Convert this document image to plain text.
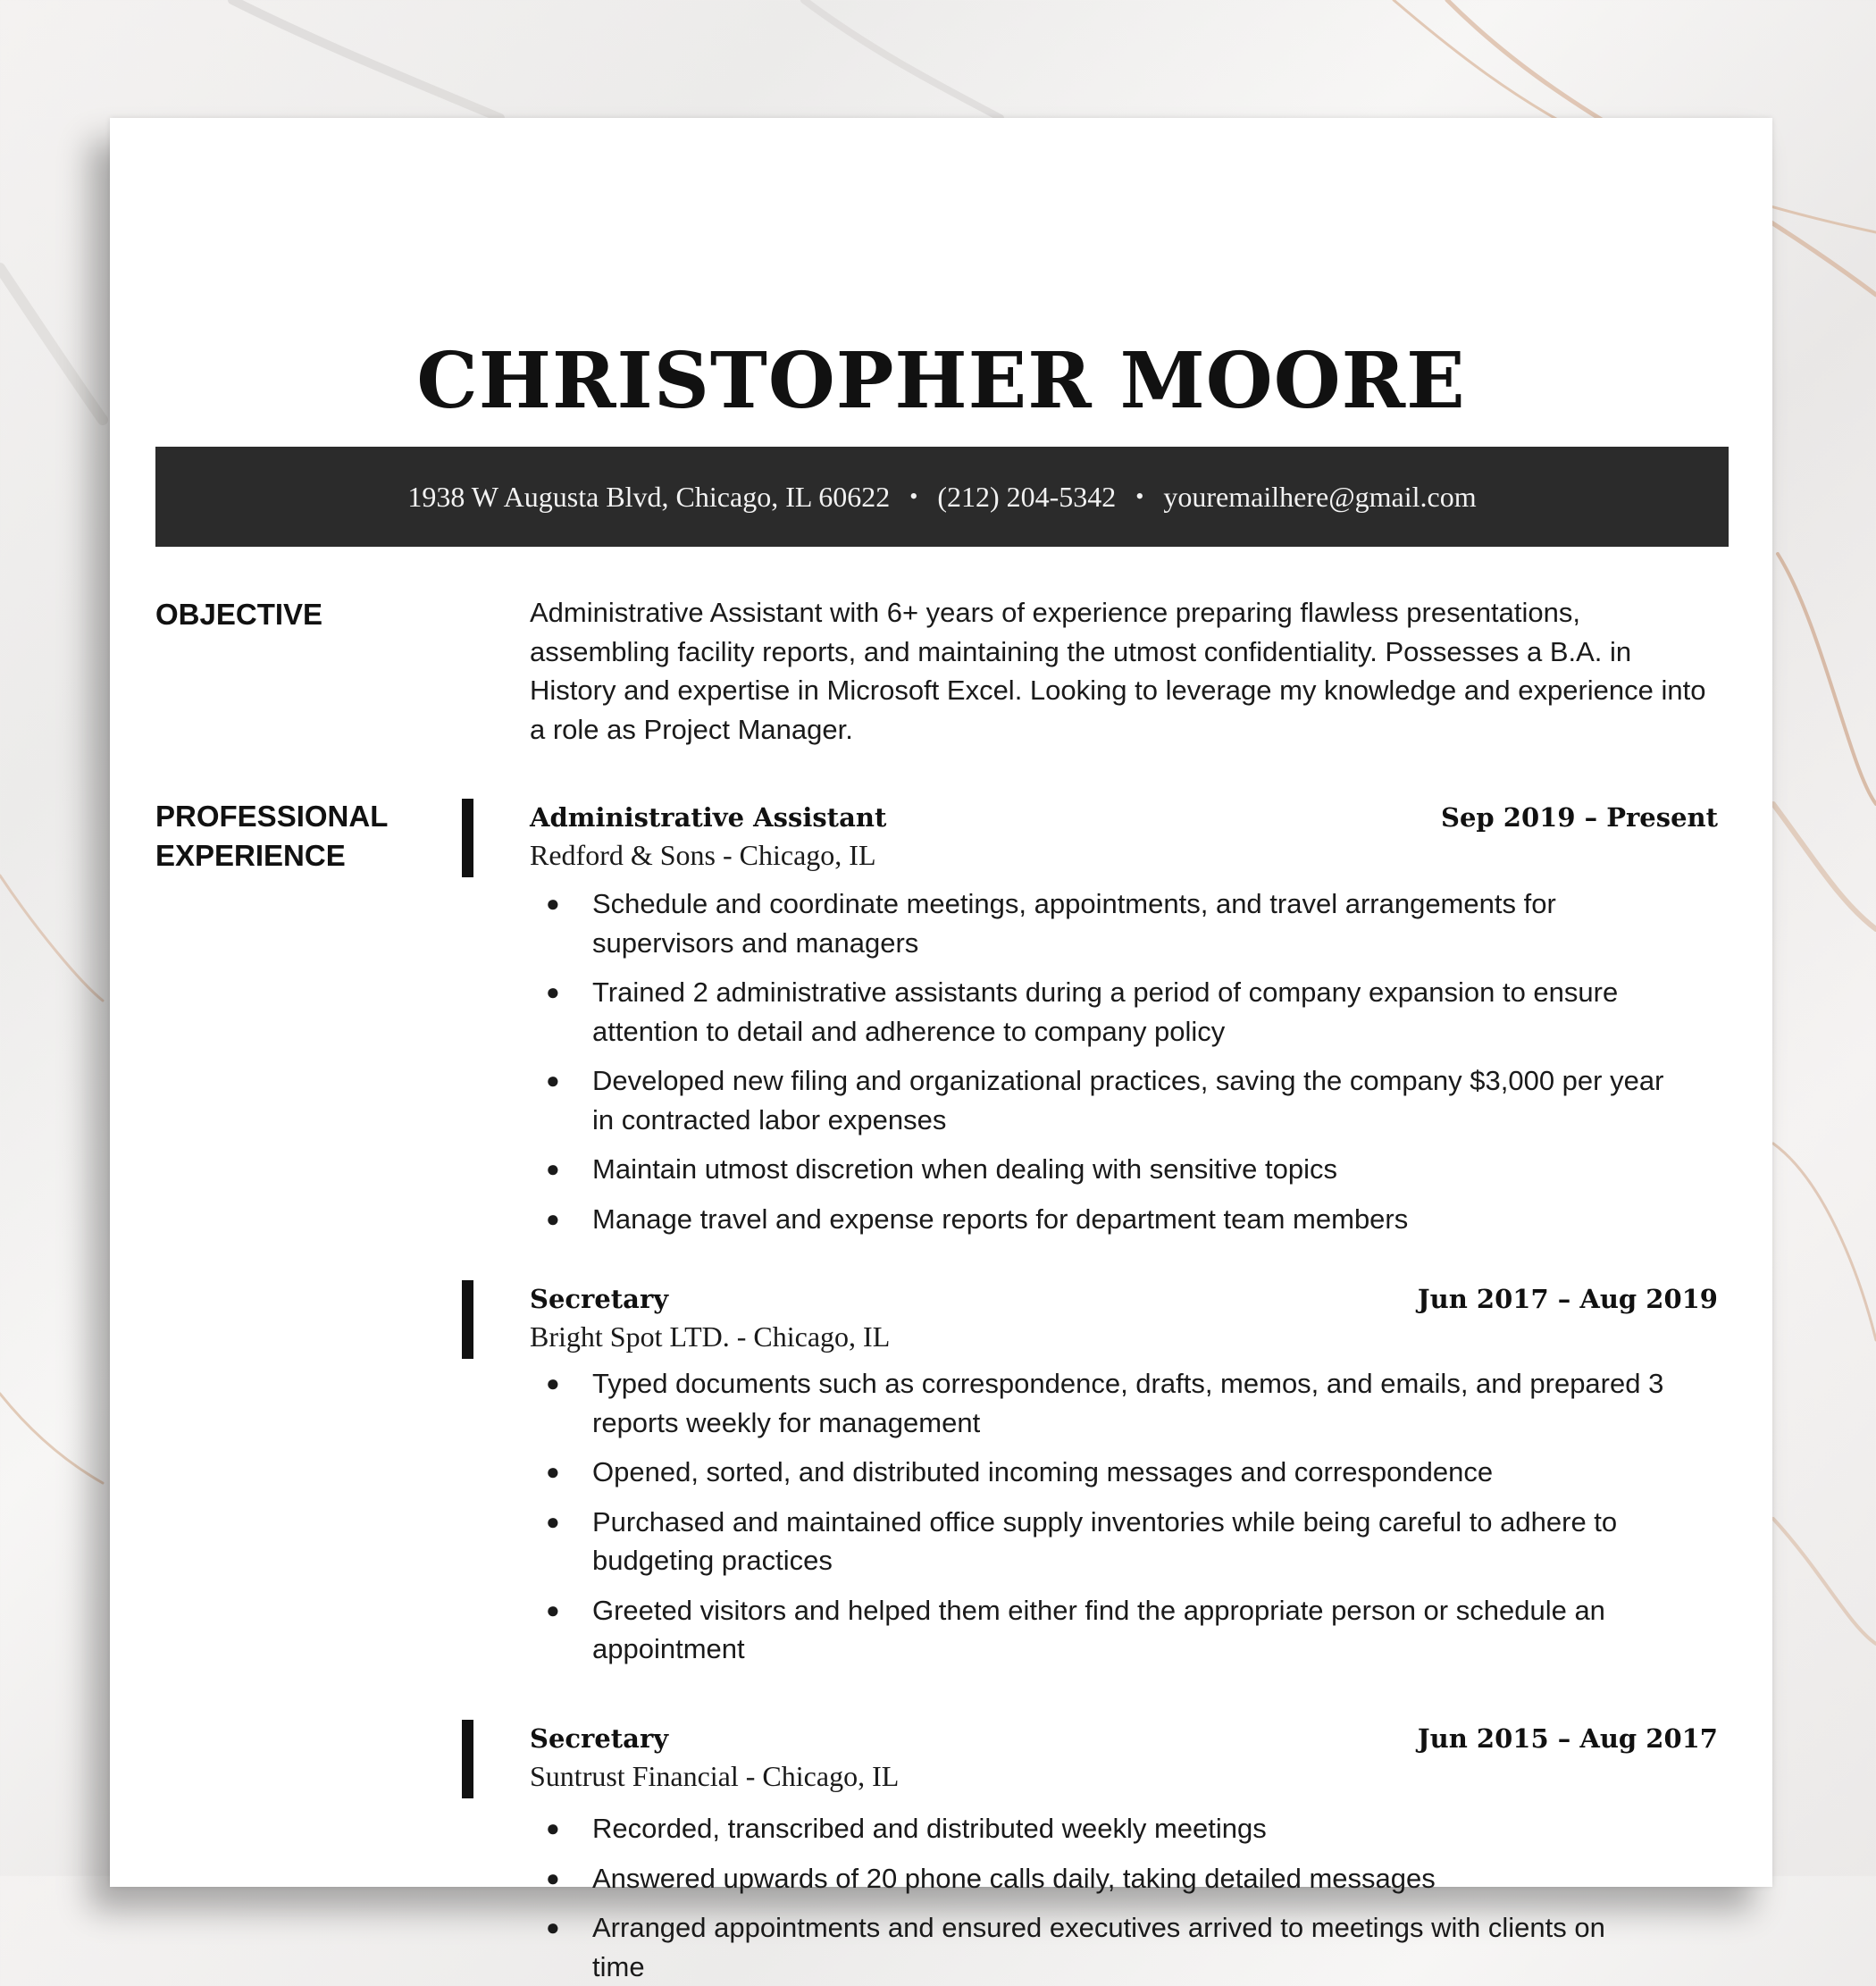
CHRISTOPHER MOORE
1938 W Augusta Blvd, Chicago, IL 60622 • (212) 204-5342 • youremailhere@gmail.com
OBJECTIVE	Administrative Assistant with 6+ years of experience preparing flawless presentations, assembling facility reports, and maintaining the utmost confidentiality. Possesses a B.A. in History and expertise in Microsoft Excel. Looking to leverage my knowledge and experience into a role as Project Manager.
PROFESSIONAL
EXPERIENCE
Administrative Assistant	Sep 2019 – Present
Redford & Sons - Chicago, IL
● Schedule and coordinate meetings, appointments, and travel arrangements for supervisors and managers
● Trained 2 administrative assistants during a period of company expansion to ensure attention to detail and adherence to company policy
● Developed new filing and organizational practices, saving the company $3,000 per year in contracted labor expenses
● Maintain utmost discretion when dealing with sensitive topics
● Manage travel and expense reports for department team members
Secretary	Jun 2017 – Aug 2019
Bright Spot LTD. - Chicago, IL
● Typed documents such as correspondence, drafts, memos, and emails, and prepared 3 reports weekly for management
● Opened, sorted, and distributed incoming messages and correspondence
● Purchased and maintained office supply inventories while being careful to adhere to budgeting practices
● Greeted visitors and helped them either find the appropriate person or schedule an appointment
Secretary	Jun 2015 – Aug 2017
Suntrust Financial - Chicago, IL
● Recorded, transcribed and distributed weekly meetings
● Answered upwards of 20 phone calls daily, taking detailed messages
● Arranged appointments and ensured executives arrived to meetings with clients on time
